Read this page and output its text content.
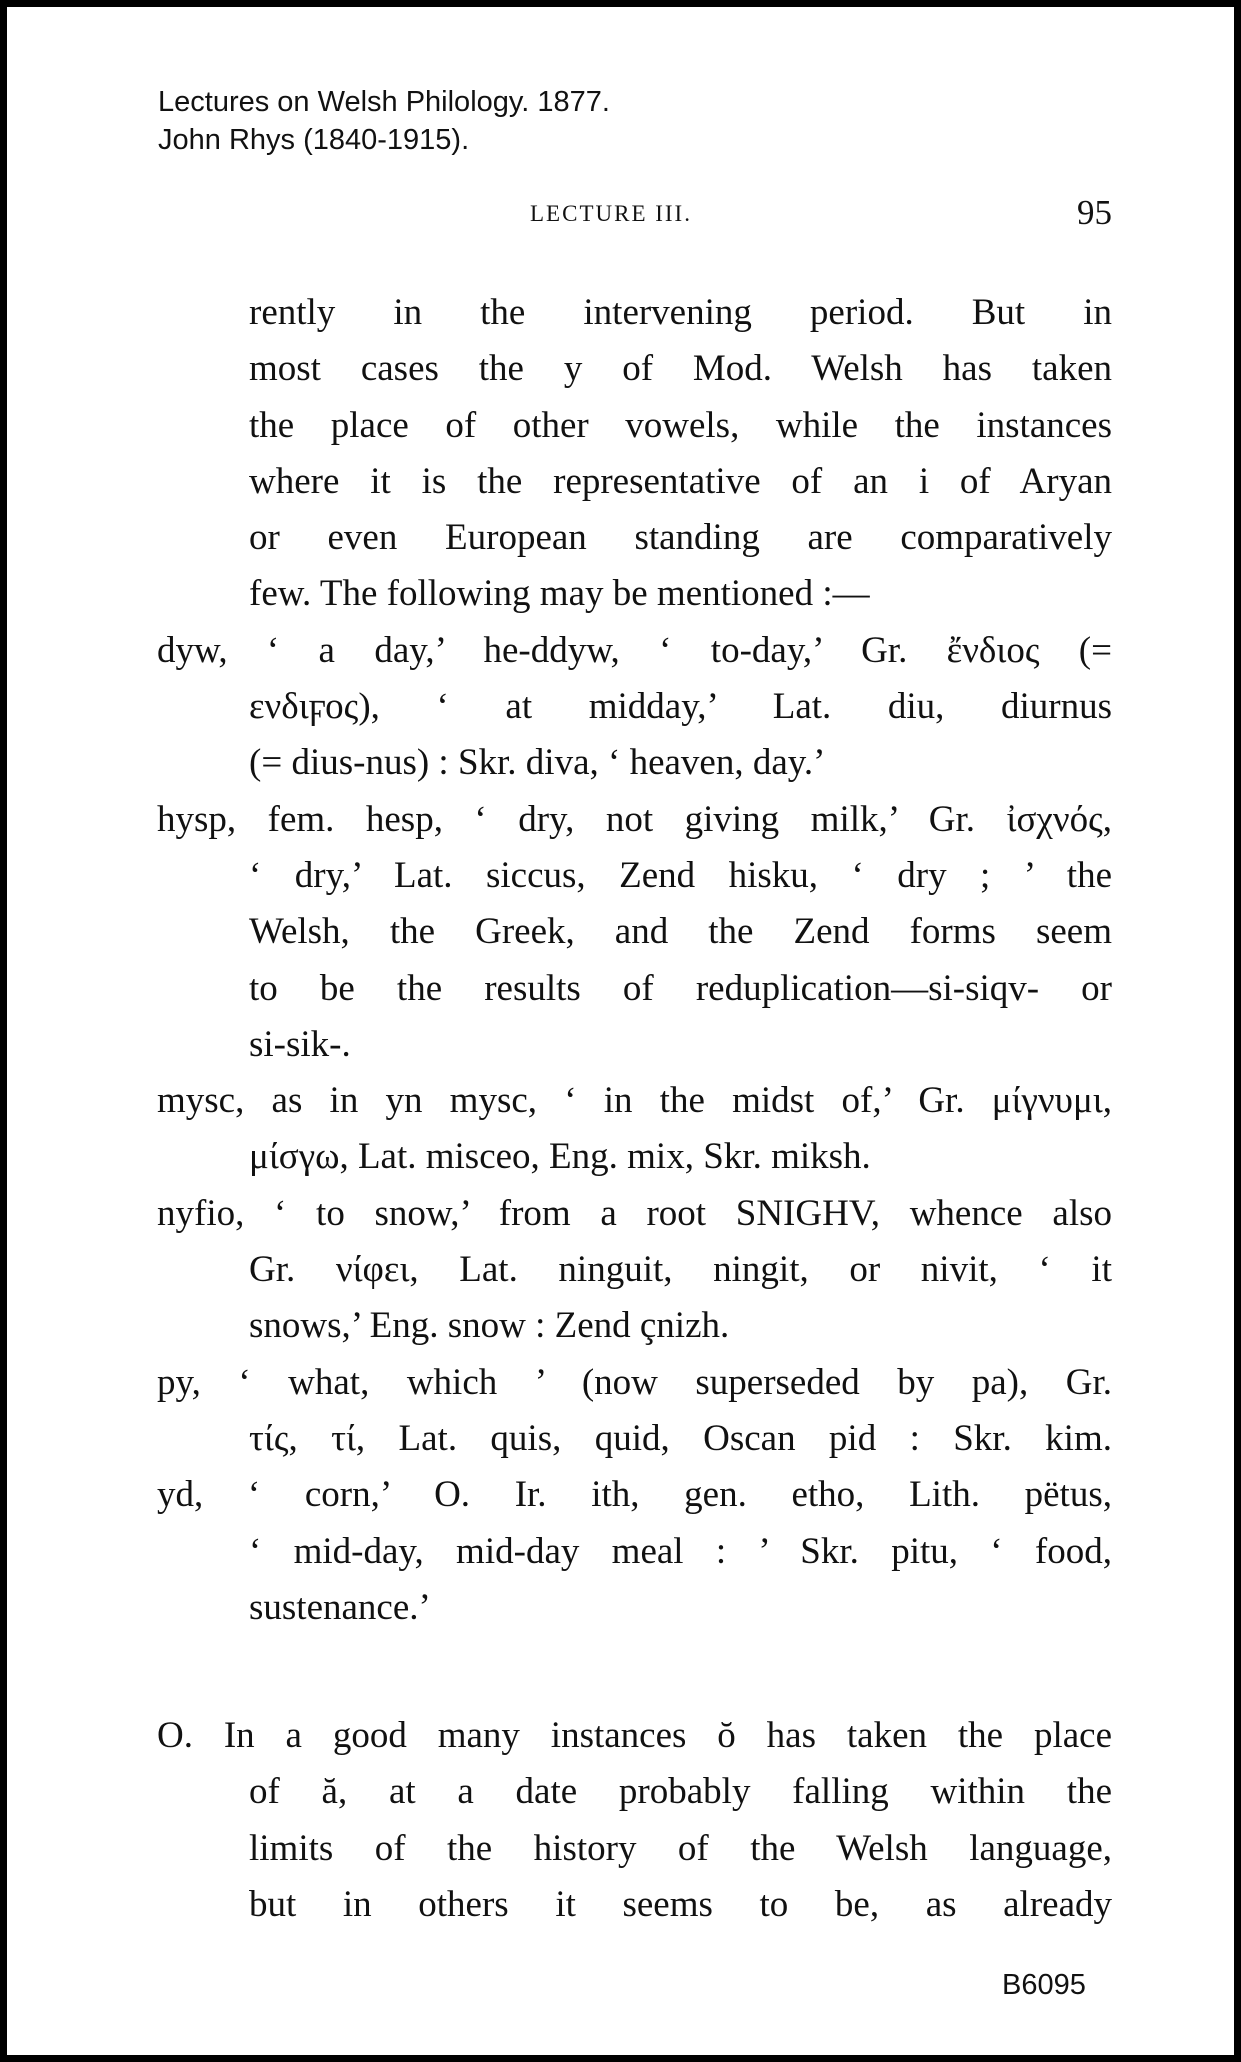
Lectures on Welsh Philology. 1877.
John Rhys (1840-1915).
LECTURE III.	95
rently in the intervening period. But in
most cases the y of Mod. Welsh has taken
the place of other vowels, while the instances
where it is the representative of an i of Aryan
or even European standing are comparatively
few. The following may be mentioned :—
dyw, ‘ a day,’ he-ddyw, ‘ to-day,’ Gr. ἔνδιος (=
ενδιϝος), ‘ at midday,’ Lat. diu, diurnus
(= dius-nus) : Skr. diva, ‘ heaven, day.’
hysp, fem. hesp, ‘ dry, not giving milk,’ Gr. ἰσχνός,
‘ dry,’ Lat. siccus, Zend hisku, ‘ dry ; ’ the
Welsh, the Greek, and the Zend forms seem
to be the results of reduplication—si-siqv- or
si-sik-.
mysc, as in yn mysc, ‘ in the midst of,’ Gr. μίγνυμι,
μίσγω, Lat. misceo, Eng. mix, Skr. miksh.
nyfio, ‘ to snow,’ from a root SNIGHV, whence also
Gr. νίφει, Lat. ninguit, ningit, or nivit, ‘ it
snows,’ Eng. snow : Zend çnizh.
py, ‘ what, which ’ (now superseded by pa), Gr.
τίς, τί, Lat. quis, quid, Oscan pid : Skr. kim.
yd, ‘ corn,’ O. Ir. ith, gen. etho, Lith. pëtus,
‘ mid-day, mid-day meal : ’ Skr. pitu, ‘ food,
sustenance.’
O. In a good many instances ŏ has taken the place
of ă, at a date probably falling within the
limits of the history of the Welsh language,
but in others it seems to be, as already
B6095
